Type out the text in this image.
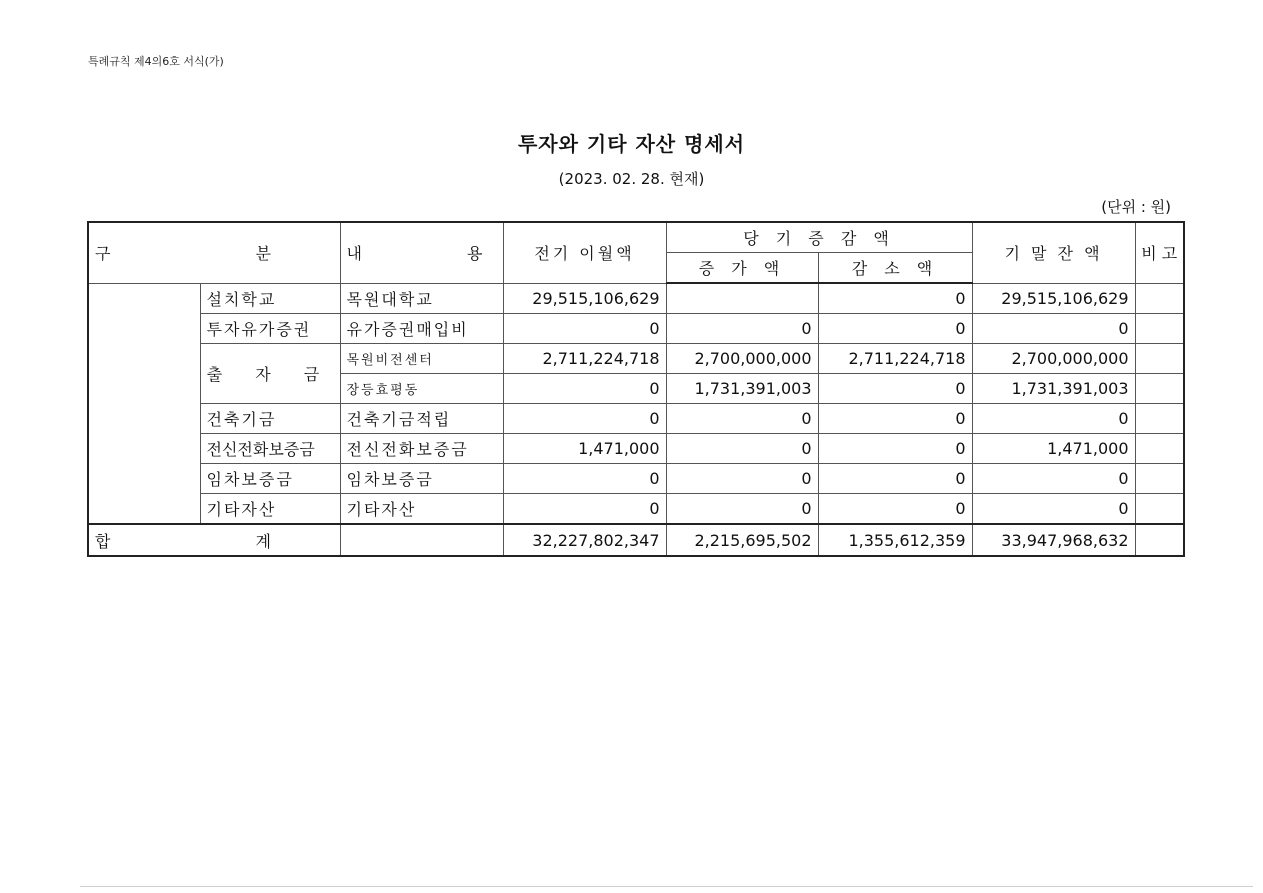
특례규칙 제4의6호 서식(가)
투자와 기타 자산 명세서
(2023. 02. 28. 현재)
(단위 : 원)
구 분		내 용	전기 이월액	당 기 증 감 액		기 말 잔 액	비 고
				증 가 액	감 소 액		
	설치학교	목원대학교	29,515,106,629		0	29,515,106,629	
	투자유가증권	유가증권매입비	0	0	0	0	
	출 자 금	목원비전센터	2,711,224,718	2,700,000,000	2,711,224,718	2,700,000,000	
		장등효평동	0	1,731,391,003	0	1,731,391,003	
	건축기금	건축기금적립	0	0	0	0	
	전신전화보증금	전신전화보증금	1,471,000	0	0	1,471,000	
	임차보증금	임차보증금	0	0	0	0	
	기타자산	기타자산	0	0	0	0	
합 계			32,227,802,347	2,215,695,502	1,355,612,359	33,947,968,632	
